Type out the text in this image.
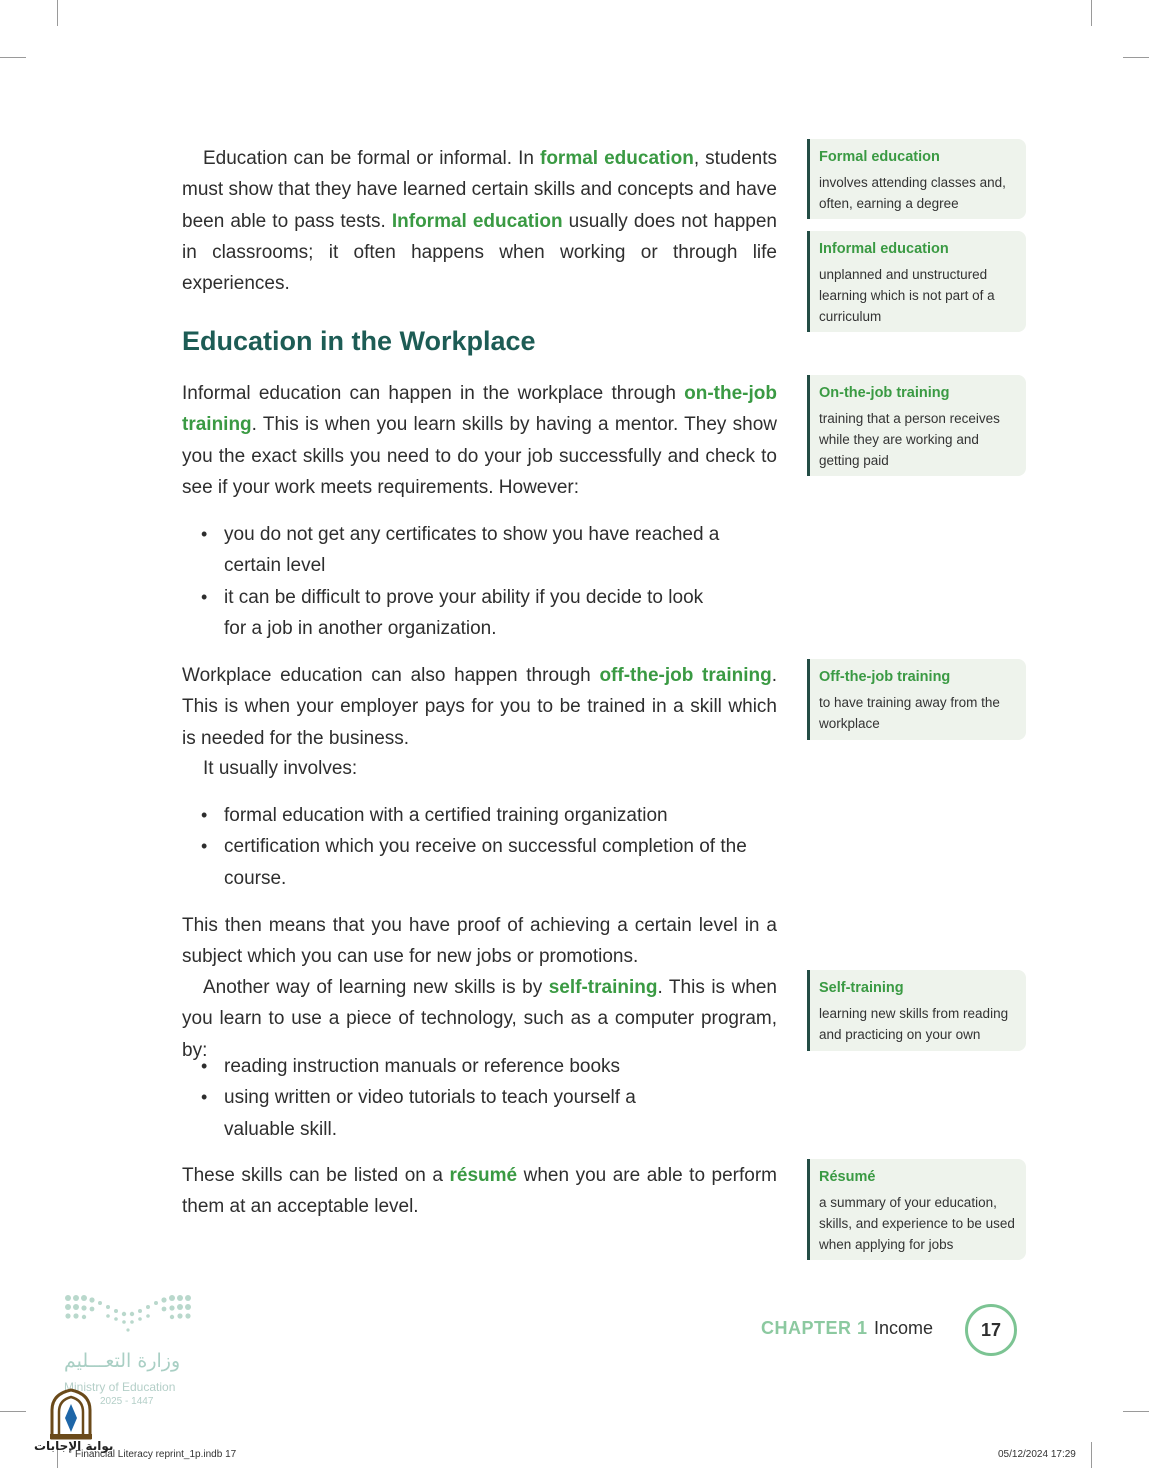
Education can be formal or informal. In formal education, students must show that they have learned certain skills and concepts and have been able to pass tests. Informal education usually does not happen in classrooms; it often happens when working or through life experiences.

Education in the Workplace

Informal education can happen in the workplace through on-the-job training. This is when you learn skills by having a mentor. They show you the exact skills you need to do your job successfully and check to see if your work meets requirements. However:

• you do not get any certificates to show you have reached a certain level
• it can be difficult to prove your ability if you decide to look for a job in another organization.

Workplace education can also happen through off-the-job training. This is when your employer pays for you to be trained in a skill which is needed for the business.

It usually involves:

• formal education with a certified training organization
• certification which you receive on successful completion of the course.

This then means that you have proof of achieving a certain level in a subject which you can use for new jobs or promotions.

Another way of learning new skills is by self-training. This is when you learn to use a piece of technology, such as a computer program, by:

• reading instruction manuals or reference books
• using written or video tutorials to teach yourself a valuable skill.

These skills can be listed on a résumé when you are able to perform them at an acceptable level.

Formal education

involves attending classes and, often, earning a degree

Informal education

unplanned and unstructured learning which is not part of a curriculum

On-the-job training

training that a person receives while they are working and getting paid

Off-the-job training

to have training away from the workplace

Self-training

learning new skills from reading and practicing on your own

Résumé

a summary of your education, skills, and experience to be used when applying for jobs

CHAPTER 1 Income	17
وزارة التعـــليم
Ministry of Education
2025 - 1447
بوابة الإجابات
Financial Literacy reprint_1p.indb 17	05/12/2024 17:29
